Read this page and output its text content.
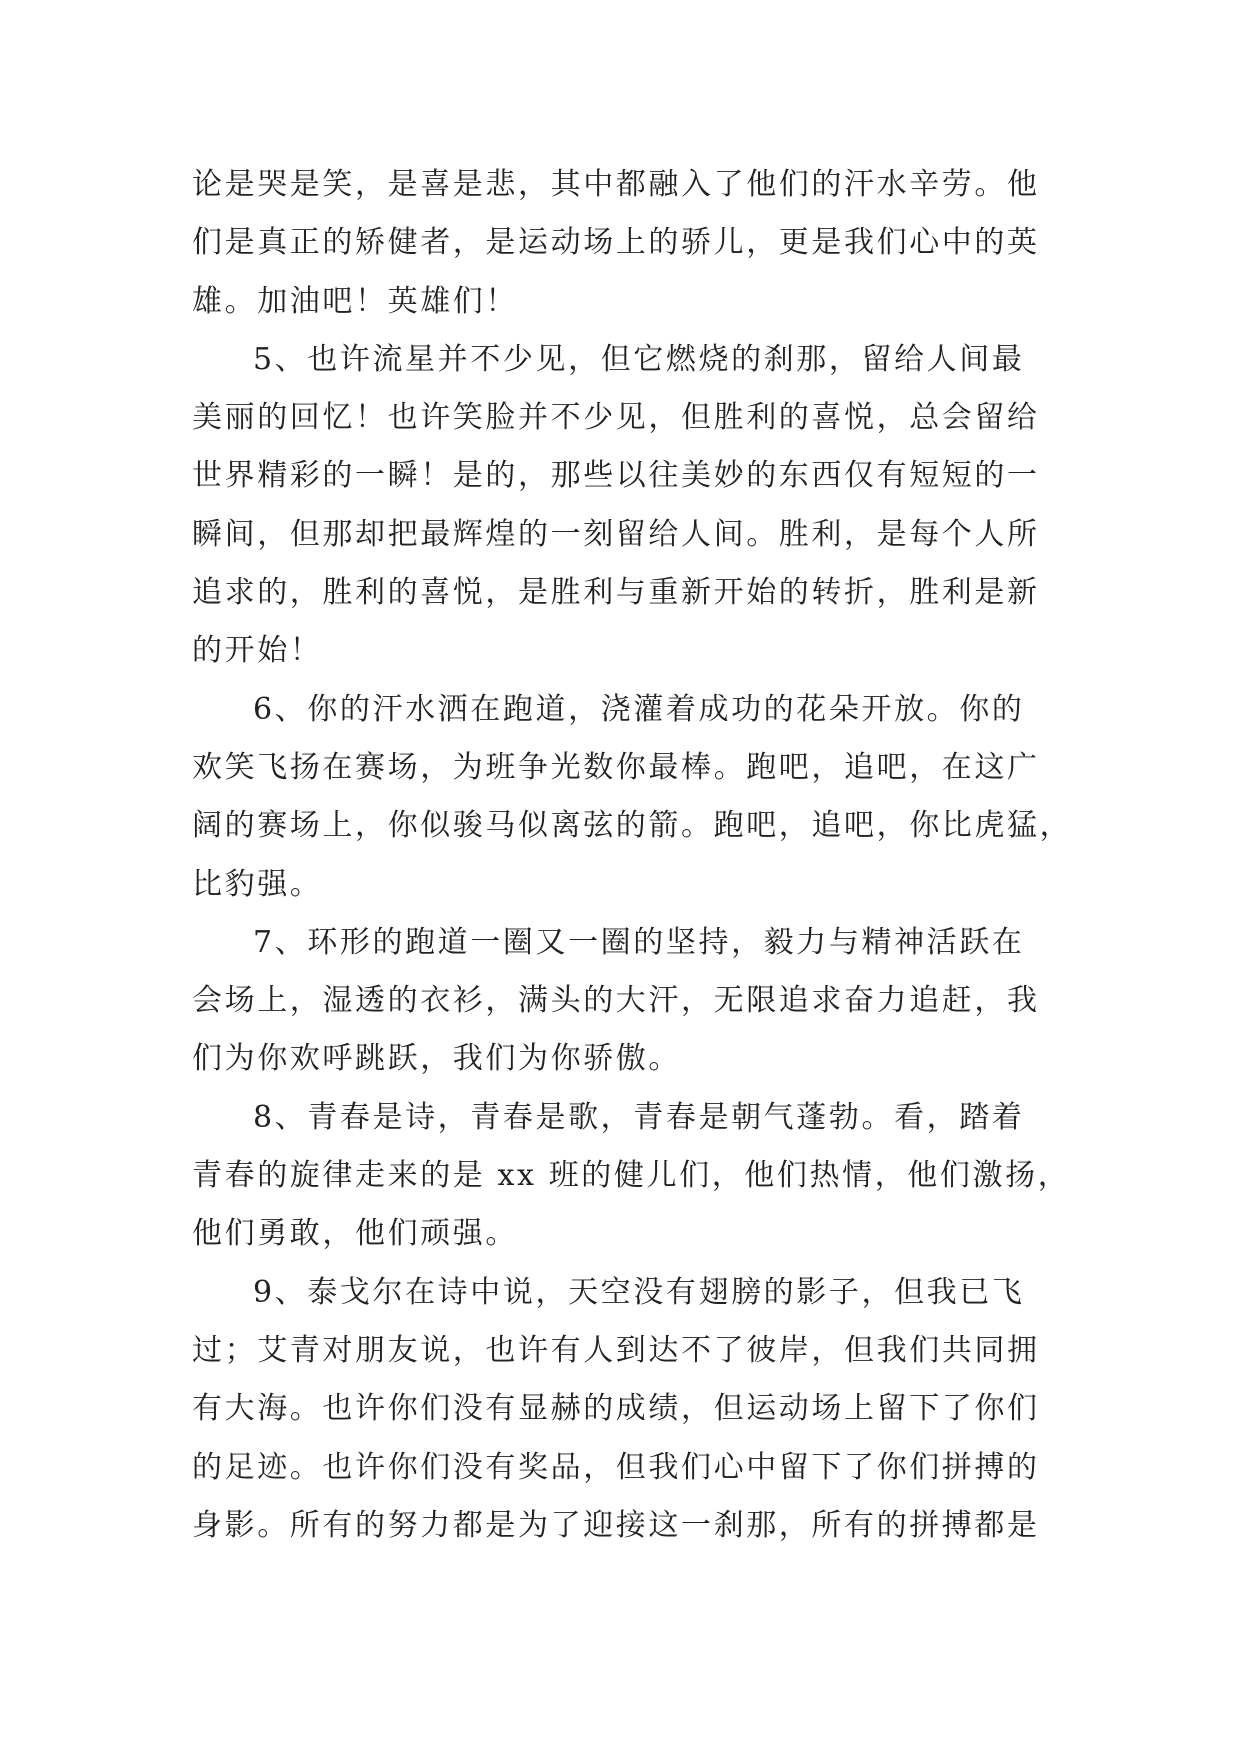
论是哭是笑，是喜是悲，其中都融入了他们的汗水辛劳。他
们是真正的矫健者，是运动场上的骄儿，更是我们心中的英
雄。加油吧！英雄们！
5、也许流星并不少见，但它燃烧的刹那，留给人间最
美丽的回忆！也许笑脸并不少见，但胜利的喜悦，总会留给
世界精彩的一瞬！是的，那些以往美妙的东西仅有短短的一
瞬间，但那却把最辉煌的一刻留给人间。胜利，是每个人所
追求的，胜利的喜悦，是胜利与重新开始的转折，胜利是新
的开始！
6、你的汗水洒在跑道，浇灌着成功的花朵开放。你的
欢笑飞扬在赛场，为班争光数你最棒。跑吧，追吧，在这广
阔的赛场上，你似骏马似离弦的箭。跑吧，追吧，你比虎猛，
比豹强。
7、环形的跑道一圈又一圈的坚持，毅力与精神活跃在
会场上，湿透的衣衫，满头的大汗，无限追求奋力追赶，我
们为你欢呼跳跃，我们为你骄傲。
8、青春是诗，青春是歌，青春是朝气蓬勃。看，踏着
青春的旋律走来的是 xx 班的健儿们，他们热情，他们激扬，
他们勇敢，他们顽强。
9、泰戈尔在诗中说，天空没有翅膀的影子，但我已飞
过；艾青对朋友说，也许有人到达不了彼岸，但我们共同拥
有大海。也许你们没有显赫的成绩，但运动场上留下了你们
的足迹。也许你们没有奖品，但我们心中留下了你们拼搏的
身影。所有的努力都是为了迎接这一刹那，所有的拼搏都是
